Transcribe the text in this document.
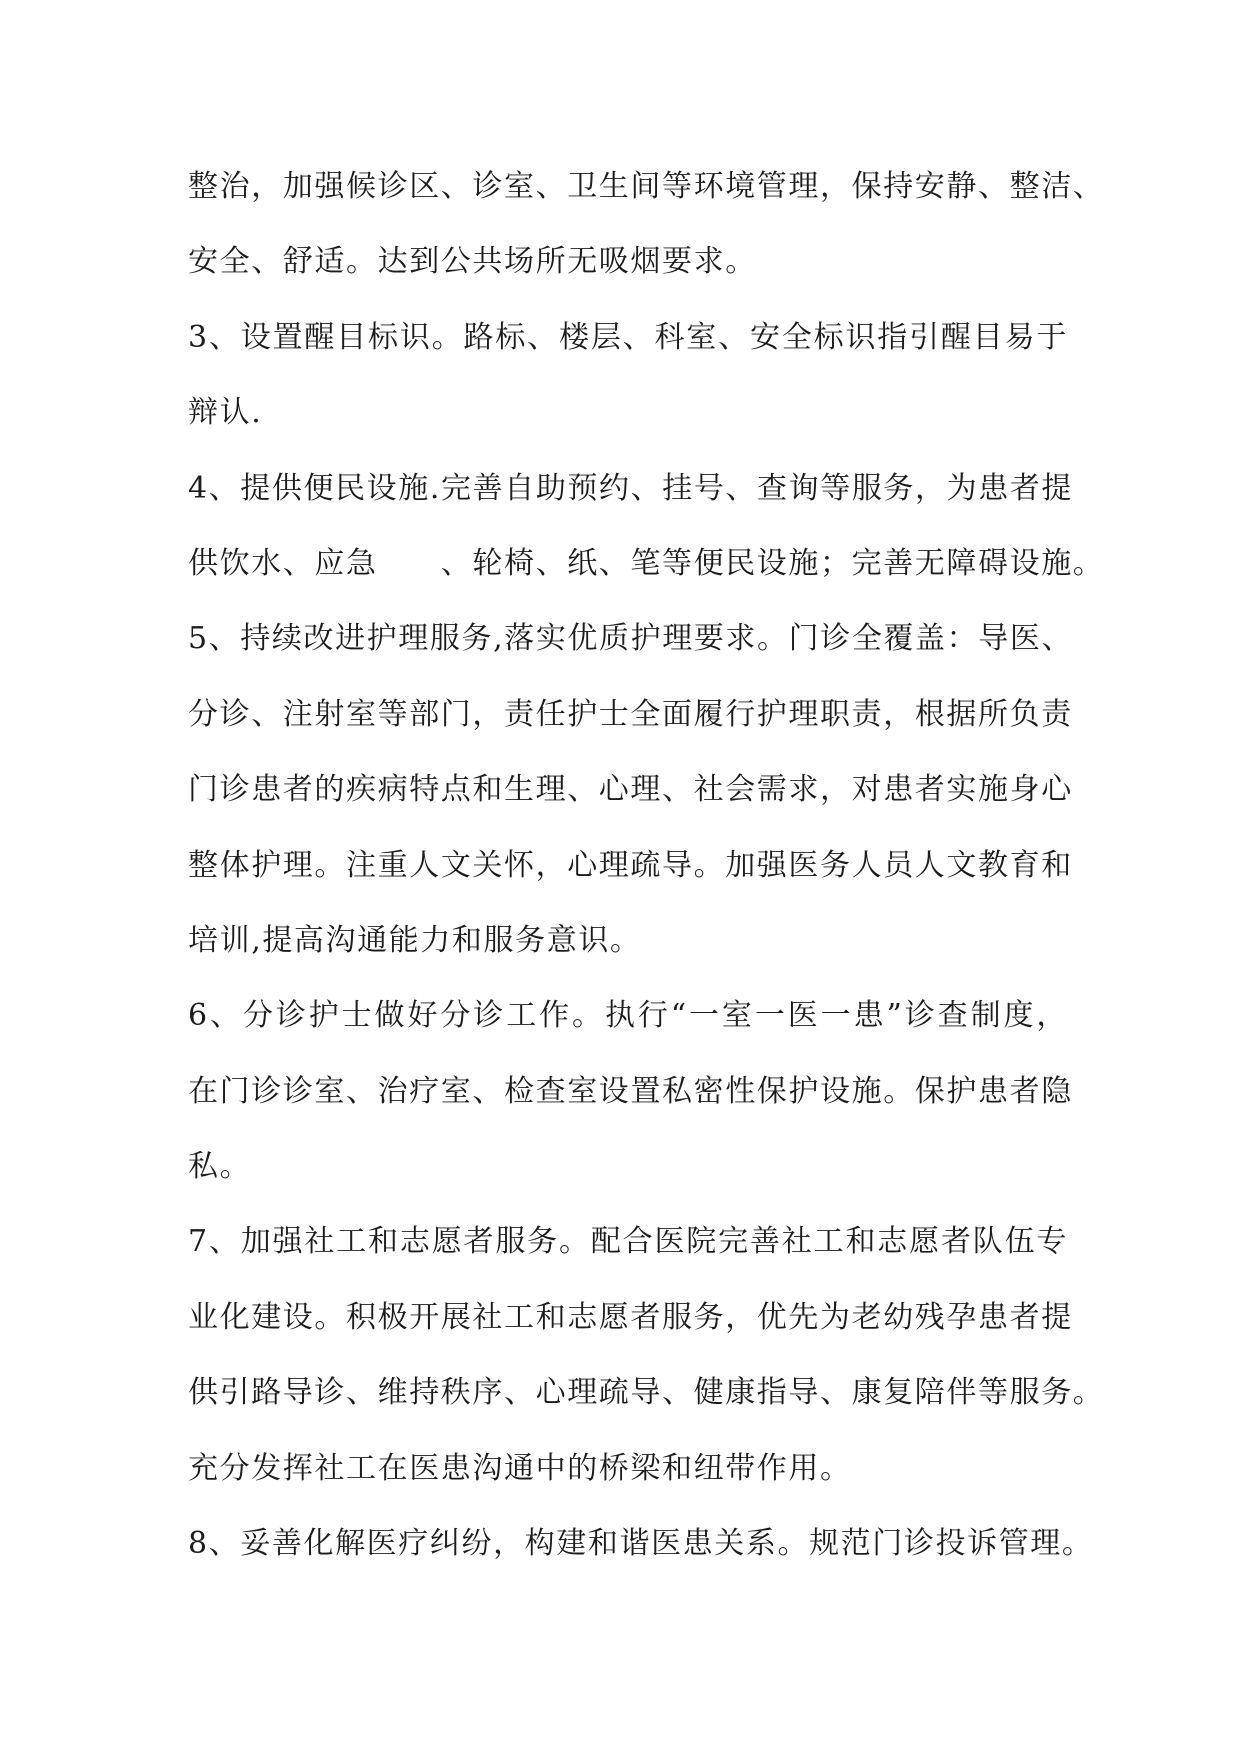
整治，加强候诊区、诊室、卫生间等环境管理，保持安静、整洁、
安全、舒适。达到公共场所无吸烟要求。
3、设置醒目标识。路标、楼层、科室、安全标识指引醒目易于
辩认.
4、提供便民设施.完善自助预约、挂号、查询等服务，为患者提
供饮水、应急　　、轮椅、纸、笔等便民设施；完善无障碍设施。
5、持续改进护理服务,落实优质护理要求。门诊全覆盖：导医、
分诊、注射室等部门，责任护士全面履行护理职责，根据所负责
门诊患者的疾病特点和生理、心理、社会需求，对患者实施身心
整体护理。注重人文关怀，心理疏导。加强医务人员人文教育和
培训,提高沟通能力和服务意识。
6、分诊护士做好分诊工作。执行“一室一医一患”诊查制度，
在门诊诊室、治疗室、检查室设置私密性保护设施。保护患者隐
私。
7、加强社工和志愿者服务。配合医院完善社工和志愿者队伍专
业化建设。积极开展社工和志愿者服务，优先为老幼残孕患者提
供引路导诊、维持秩序、心理疏导、健康指导、康复陪伴等服务。
充分发挥社工在医患沟通中的桥梁和纽带作用。
8、妥善化解医疗纠纷，构建和谐医患关系。规范门诊投诉管理。
